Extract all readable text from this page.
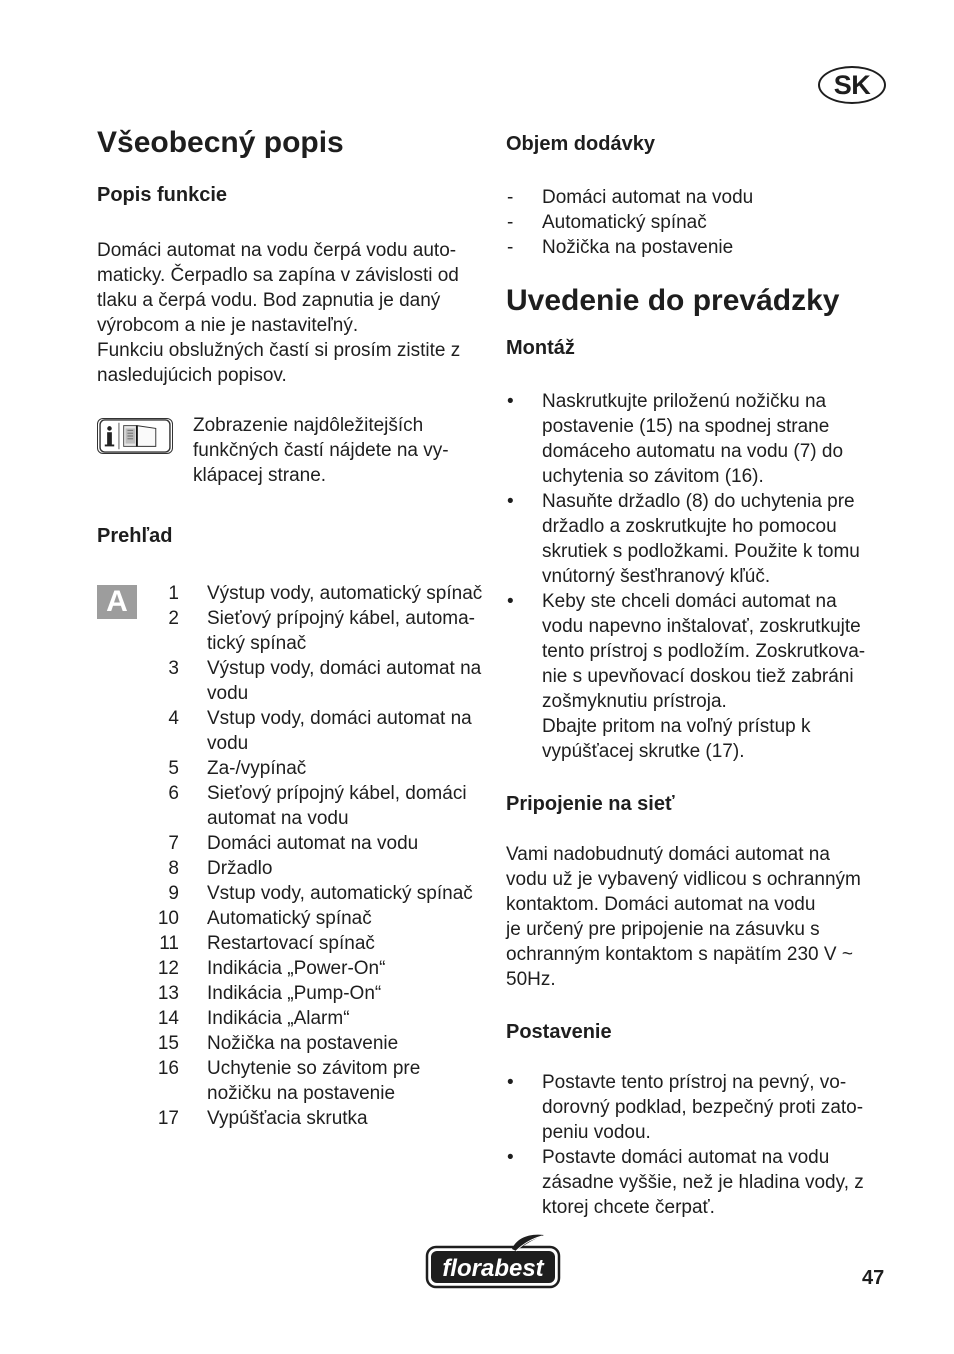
SK
Všeobecný popis
Popis funkcie

Domáci automat na vodu čerpá vodu auto-

maticky. Čerpadlo sa zapína v závislosti od

tlaku a čerpá vodu. Bod zapnutia je daný

výrobcom a nie je nastaviteľný.

Funkciu obslužných častí si prosím zistite z

nasledujúcich popisov.

Zobrazenie najdôležitejších

funkčných častí nájdete na vy-

klápacej strane.

Prehľad
A	1 Výstup vody, automatický spínač
2 Sieťový prípojný kábel, automa-
tický spínač
3 Výstup vody, domáci automat na
vodu
4 Vstup vody, domáci automat na
vodu
5 Za-/vypínač
6 Sieťový prípojný kábel, domáci
automat na vodu
7 Domáci automat na vodu
8 Držadlo
9 Vstup vody, automatický spínač
10 Automatický spínač
11 Restartovací spínač
12 Indikácia „Power-On“
13 Indikácia „Pump-On“
14 Indikácia „Alarm“
15 Nožička na postavenie
16 Uchytenie so závitom pre
nožičku na postavenie
17 Vypúšťacia skrutka
Objem dodávky
-	Domáci automat na vodu
-	Automatický spínač
-	Nožička na postavenie
Uvedenie do prevádzky
Montáž
•	Naskrutkujte priloženú nožičku na
postavenie (15) na spodnej strane
domáceho automatu na vodu (7) do
uchytenia so závitom (16).
•	Nasuňte držadlo (8) do uchytenia pre
držadlo a zoskrutkujte ho pomocou
skrutiek s podložkami. Použite k tomu
vnútorný šesťhranový kľúč.
•	Keby ste chceli domáci automat na
vodu napevno inštalovať, zoskrutkujte
tento prístroj s podložím. Zoskrutkova-
nie s upevňovací doskou tiež zabráni
zošmyknutiu prístroja.
Dbajte pritom na voľný prístup k
vypúšťacej skrutke (17).
Pripojenie na sieť

Vami nadobudnutý domáci automat na

vodu už je vybavený vidlicou s ochranným

kontaktom. Domáci automat na vodu

je určený pre pripojenie na zásuvku s

ochranným kontaktom s napätím 230 V ~

50Hz.

Postavenie
•	Postavte tento prístroj na pevný, vo-
dorovný podklad, bezpečný proti zato-
peniu vodou.
•	Postavte domáci automat na vodu
zásadne vyššie, než je hladina vody, z
ktorej chcete čerpať.
florabest	47
